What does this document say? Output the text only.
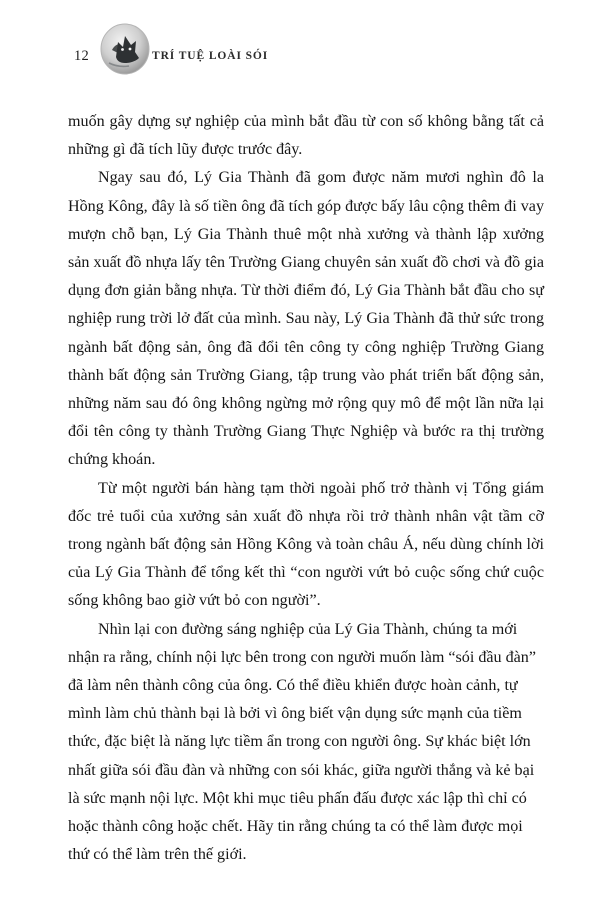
12	TRÍ TUỆ LOÀI SÓI

muốn gây dựng sự nghiệp của mình bắt đầu từ con số không bằng tất cả những gì đã tích lũy được trước đây.

Ngay sau đó, Lý Gia Thành đã gom được năm mươi nghìn đô la Hồng Kông, đây là số tiền ông đã tích góp được bấy lâu cộng thêm đi vay mượn chỗ bạn, Lý Gia Thành thuê một nhà xưởng và thành lập xưởng sản xuất đồ nhựa lấy tên Trường Giang chuyên sản xuất đồ chơi và đồ gia dụng đơn giản bằng nhựa. Từ thời điểm đó, Lý Gia Thành bắt đầu cho sự nghiệp rung trời lở đất của mình. Sau này, Lý Gia Thành đã thử sức trong ngành bất động sản, ông đã đổi tên công ty công nghiệp Trường Giang thành bất động sản Trường Giang, tập trung vào phát triển bất động sản, những năm sau đó ông không ngừng mở rộng quy mô để một lần nữa lại đổi tên công ty thành Trường Giang Thực Nghiệp và bước ra thị trường chứng khoán.

Từ một người bán hàng tạm thời ngoài phố trở thành vị Tổng giám đốc trẻ tuổi của xưởng sản xuất đồ nhựa rồi trở thành nhân vật tầm cỡ trong ngành bất động sản Hồng Kông và toàn châu Á, nếu dùng chính lời của Lý Gia Thành để tổng kết thì “con người vứt bỏ cuộc sống chứ cuộc sống không bao giờ vứt bỏ con người”.

Nhìn lại con đường sáng nghiệp của Lý Gia Thành, chúng ta mới nhận ra rằng, chính nội lực bên trong con người muốn làm “sói đầu đàn” đã làm nên thành công của ông. Có thể điều khiển được hoàn cảnh, tự mình làm chủ thành bại là bởi vì ông biết vận dụng sức mạnh của tiềm thức, đặc biệt là năng lực tiềm ẩn trong con người ông. Sự khác biệt lớn nhất giữa sói đầu đàn và những con sói khác, giữa người thắng và kẻ bại là sức mạnh nội lực. Một khi mục tiêu phấn đấu được xác lập thì chỉ có hoặc thành công hoặc chết. Hãy tin rằng chúng ta có thể làm được mọi thứ có thể làm trên thế giới.
